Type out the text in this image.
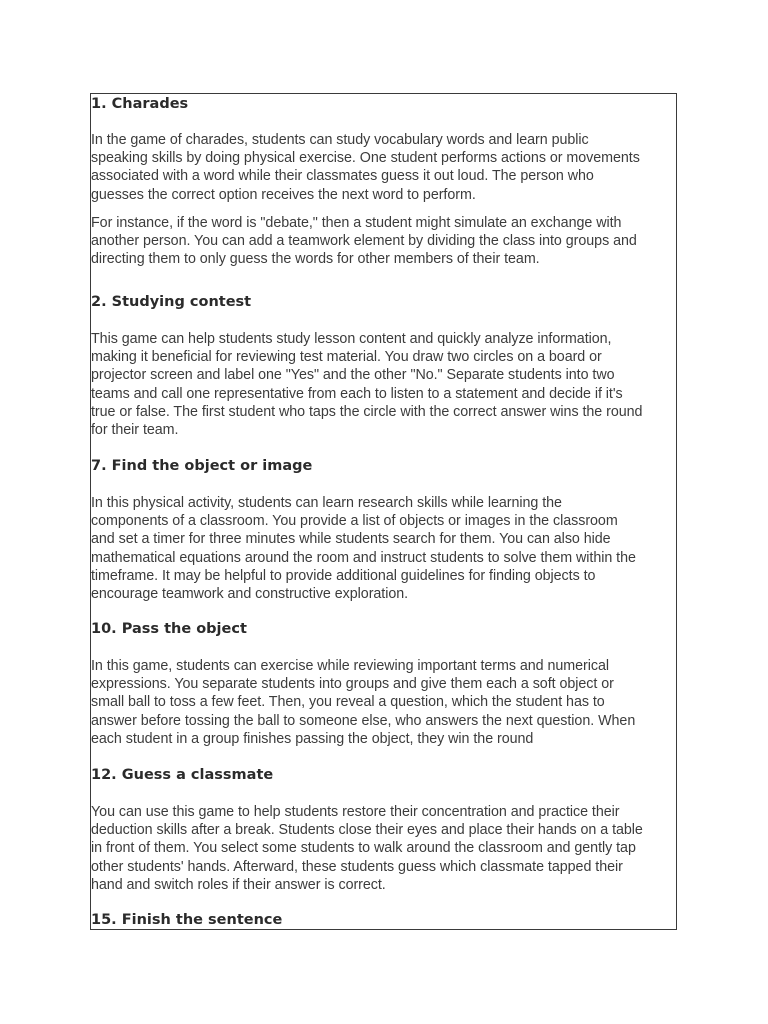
1. Charades
In the game of charades, students can study vocabulary words and learn public
speaking skills by doing physical exercise. One student performs actions or movements
associated with a word while their classmates guess it out loud. The person who
guesses the correct option receives the next word to perform.
For instance, if the word is "debate," then a student might simulate an exchange with
another person. You can add a teamwork element by dividing the class into groups and
directing them to only guess the words for other members of their team.
2. Studying contest
This game can help students study lesson content and quickly analyze information,
making it beneficial for reviewing test material. You draw two circles on a board or
projector screen and label one "Yes" and the other "No." Separate students into two
teams and call one representative from each to listen to a statement and decide if it's
true or false. The first student who taps the circle with the correct answer wins the round
for their team.
7. Find the object or image
In this physical activity, students can learn research skills while learning the
components of a classroom. You provide a list of objects or images in the classroom
and set a timer for three minutes while students search for them. You can also hide
mathematical equations around the room and instruct students to solve them within the
timeframe. It may be helpful to provide additional guidelines for finding objects to
encourage teamwork and constructive exploration.
10. Pass the object
In this game, students can exercise while reviewing important terms and numerical
expressions. You separate students into groups and give them each a soft object or
small ball to toss a few feet. Then, you reveal a question, which the student has to
answer before tossing the ball to someone else, who answers the next question. When
each student in a group finishes passing the object, they win the round
12. Guess a classmate
You can use this game to help students restore their concentration and practice their
deduction skills after a break. Students close their eyes and place their hands on a table
in front of them. You select some students to walk around the classroom and gently tap
other students' hands. Afterward, these students guess which classmate tapped their
hand and switch roles if their answer is correct.
15. Finish the sentence
